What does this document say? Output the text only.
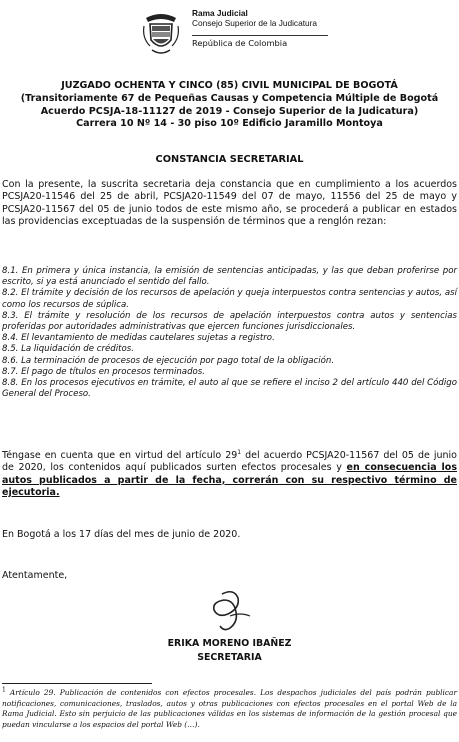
Rama Judicial
Consejo Superior de la Judicatura
República de Colombia
JUZGADO OCHENTA Y CINCO (85) CIVIL MUNICIPAL DE BOGOTÁ
(Transitoriamente 67 de Pequeñas Causas y Competencia Múltiple de Bogotá
Acuerdo PCSJA-18-11127 de 2019 - Consejo Superior de la Judicatura)
Carrera 10 Nº 14 - 30 piso 10º Edificio Jaramillo Montoya
CONSTANCIA SECRETARIAL
Con la presente, la suscrita secretaria deja constancia que en cumplimiento a los acuerdos PCSJA20-11546 del 25 de abril, PCSJA20-11549 del 07 de mayo, 11556 del 25 de mayo y PCSJA20-11567 del 05 de junio todos de este mismo año, se procederá a publicar en estados las providencias exceptuadas de la suspensión de términos que a renglón rezan:
8.1. En primera y única instancia, la emisión de sentencias anticipadas, y las que deban proferirse por escrito, si ya está anunciado el sentido del fallo.
8.2. El trámite y decisión de los recursos de apelación y queja interpuestos contra sentencias y autos, así como los recursos de súplica.
8.3. El trámite y resolución de los recursos de apelación interpuestos contra autos y sentencias proferidas por autoridades administrativas que ejercen funciones jurisdiccionales.
8.4. El levantamiento de medidas cautelares sujetas a registro.
8.5. La liquidación de créditos.
8.6. La terminación de procesos de ejecución por pago total de la obligación.
8.7. El pago de títulos en procesos terminados.
8.8. En los procesos ejecutivos en trámite, el auto al que se refiere el inciso 2 del artículo 440 del Código General del Proceso.
Téngase en cuenta que en virtud del artículo $29^1$ del acuerdo PCSJA20-11567 del 05 de junio de 2020, los contenidos aquí publicados surten efectos procesales y en consecuencia los autos publicados a partir de la fecha, correrán con su respectivo término de ejecutoria.
En Bogotá a los 17 días del mes de junio de 2020.
Atentamente,
ERIKA MORENO IBAÑEZ
SECRETARIA
$^1$ Artículo 29. Publicación de contenidos con efectos procesales. Los despachos judiciales del país podrán publicar notificaciones, comunicaciones, traslados, autos y otras publicaciones con efectos procesales en el portal Web de la Rama Judicial. Esto sin perjuicio de las publicaciones válidas en los sistemas de información de la gestión procesal que puedan vincularse a los espacios del portal Web (…).
